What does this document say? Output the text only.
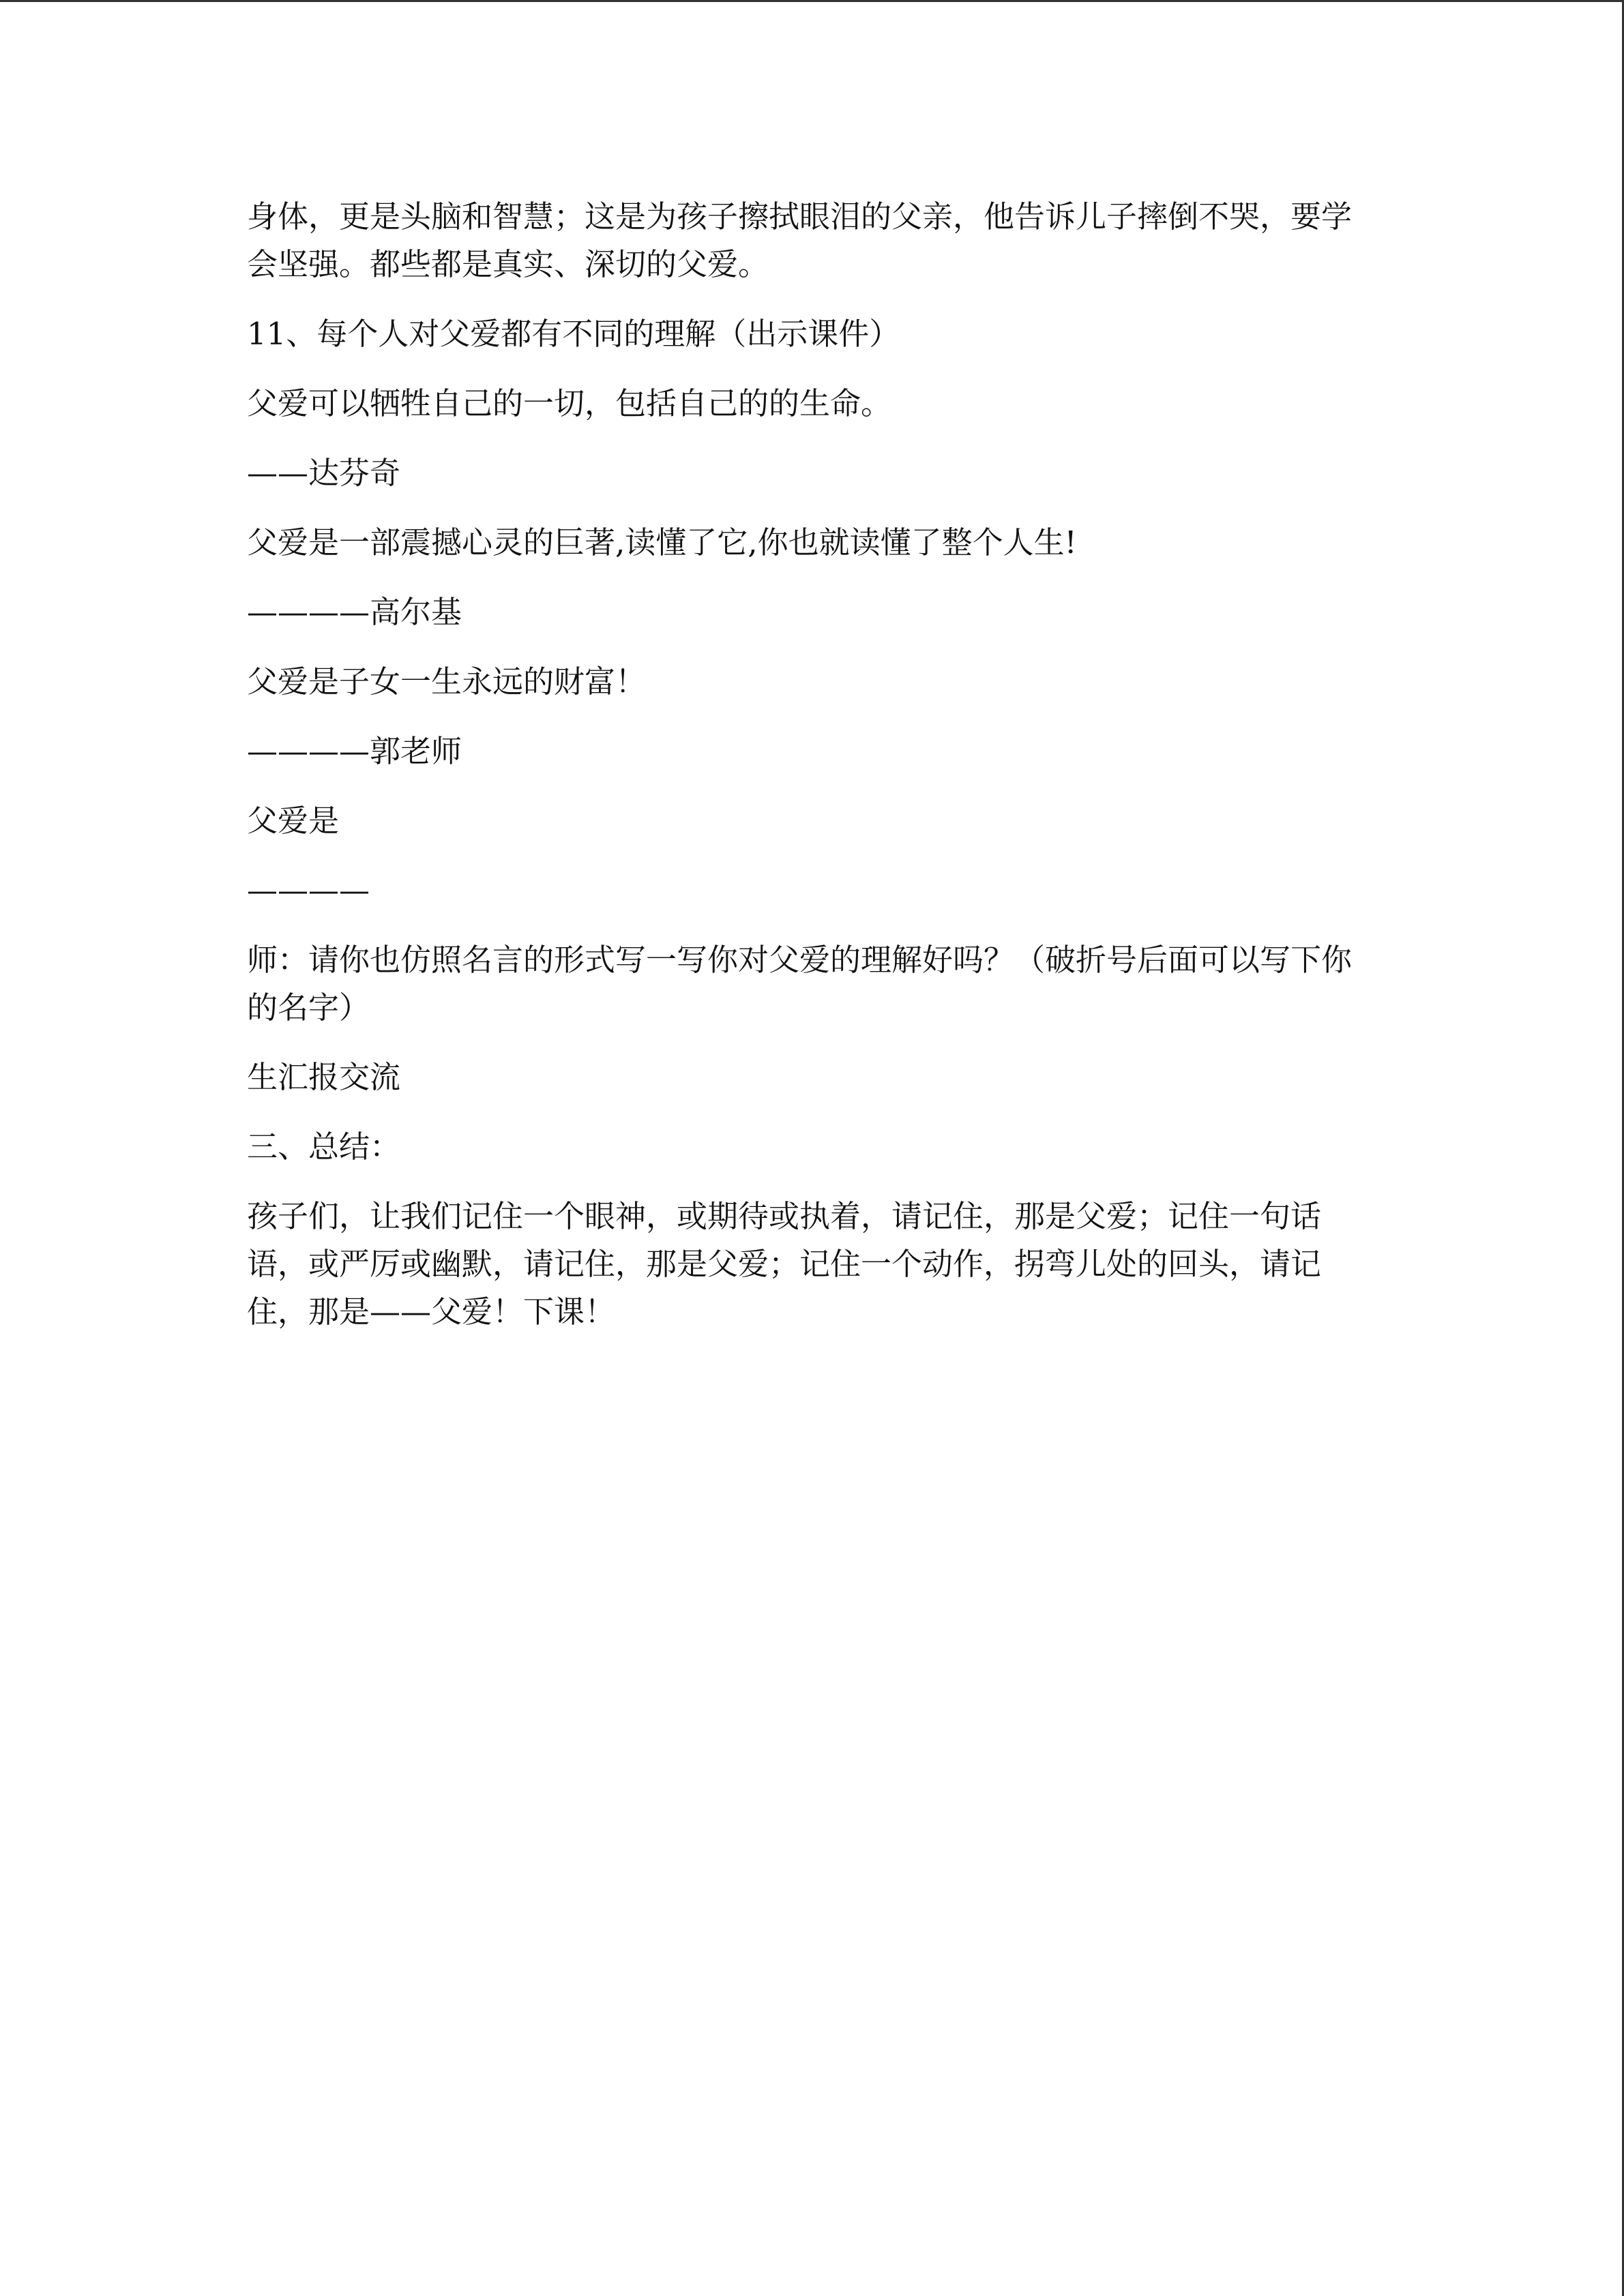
身体，更是头脑和智慧；这是为孩子擦拭眼泪的父亲，他告诉儿子摔倒不哭，要学会坚强。都些都是真实、深切的父爱。

11、每个人对父爱都有不同的理解（出示课件）

父爱可以牺牲自己的一切，包括自己的的生命。

——达芬奇

父爱是一部震撼心灵的巨著,读懂了它,你也就读懂了整个人生!

————高尔基

父爱是子女一生永远的财富！

————郭老师

父爱是

————

师：请你也仿照名言的形式写一写你对父爱的理解好吗？（破折号后面可以写下你的名字）

生汇报交流

三、总结：

孩子们，让我们记住一个眼神，或期待或执着，请记住，那是父爱；记住一句话语，或严厉或幽默，请记住，那是父爱；记住一个动作，拐弯儿处的回头，请记住，那是——父爱！下课！
